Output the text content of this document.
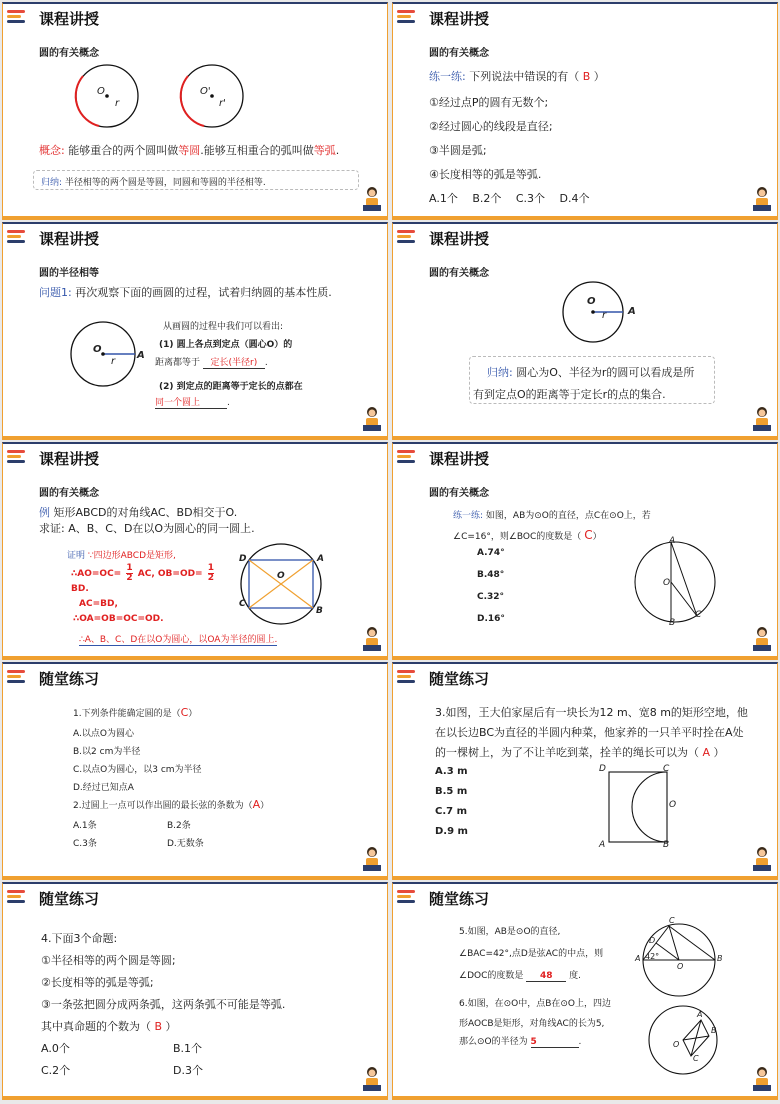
课程讲授
圆的有关概念
O
r
O'
r'
概念: 能够重合的两个圆叫做等圆.能够互相重合的弧叫做等弧.
归纳: 半径相等的两个圆是等圆，同圆和等圆的半径相等.
课程讲授
圆的有关概念
练一练: 下列说法中错误的有（ B ）
①经过点P的圆有无数个;
②经过圆心的线段是直径;
③半圆是弧;
④长度相等的弧是等弧.
A.1个　 B.2个　 C.3个　 D.4个
课程讲授
圆的半径相等
问题1: 再次观察下面的画圆的过程，试着归纳圆的基本性质.
O
r
A
从画圆的过程中我们可以看出:
(1) 圆上各点到定点（圆心O）的
距离都等于 定长(半径r) .
(2) 到定点的距离等于定长的点都在
同一个圆上	.
课程讲授
圆的有关概念
O
r A
归纳: 圆心为O、半径为r的圆可以看成是所
有到定点O的距离等于定长r的点的集合.
课程讲授
圆的有关概念
例 矩形ABCD的对角线AC、BD相交于O.
求证: A、B、C、D在以O为圆心的同一圆上.
证明 ∵四边形ABCD是矩形,
∴AO=OC= $\frac{1}{2}$ AC, $OB=OD= \frac{1}{2}$
BD.
AC=BD,
∴OA=OB=OC=OD.
∴A、B、C、D在以O为圆心，以OA为半径的圆上.
D	A
C
B
O
课程讲授
圆的有关概念
练一练: 如图，AB为⊙O的直径，点C在⊙O上，若
∠C=16°，则∠BOC的度数是（ C）
A.74°
B.48°
C.32°
D.16°
A
B
C
O
随堂练习
1.下列条件能确定圆的是（C）
A.以点O为圆心
B.以2 cm为半径
C.以点O为圆心，以3 cm为半径
D.经过已知点A
2.过圆上一点可以作出圆的最长弦的条数为（A）
A.1条	B.2条
C.3条	D.无数条
随堂练习
3.如图，王大伯家屋后有一块长为12 m、宽8 m的矩形空地，他
在以长边BC为直径的半圆内种菜，他家养的一只羊平时拴在A处
的一棵树上，为了不让羊吃到菜，拴羊的绳长可以为（ A ）
A.3 m
B.5 m
C.7 m
D.9 m
D	C
O
A	B
随堂练习
4.下面3个命题:
①半径相等的两个圆是等圆;
②长度相等的弧是等弧;
③一条弦把圆分成两条弧，这两条弧不可能是等弧.
其中真命题的个数为（ B ）
A.0个	B.1个
C.2个	D.3个
随堂练习
5.如图，AB是⊙O的直径,
∠BAC=42°,点D是弦AC的中点，则
∠DOC的度数是 48 度.
C
D
A 42°
O
B
6.如图，在⊙O中，点B在⊙O上，四边
形AOCB是矩形，对角线AC的长为5,
那么⊙O的半径为 5	.
A
B
O
C
